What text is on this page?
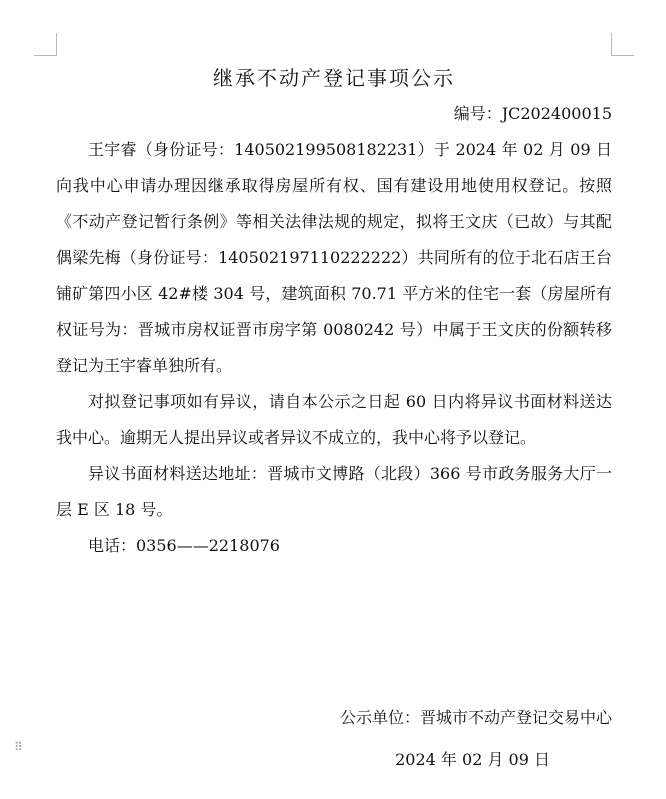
继承不动产登记事项公示
编号：JC202400015

王宇睿（身份证号：140502199508182231）于 2024 年 02 月 09 日向我中心申请办理因继承取得房屋所有权、国有建设用地使用权登记。按照《不动产登记暂行条例》等相关法律法规的规定，拟将王文庆（已故）与其配偶梁先梅（身份证号：140502197110222222）共同所有的位于北石店王台铺矿第四小区 42#楼 304 号，建筑面积 70.71 平方米的住宅一套（房屋所有权证号为：晋城市房权证晋市房字第 0080242 号）中属于王文庆的份额转移登记为王宇睿单独所有。

对拟登记事项如有异议，请自本公示之日起 60 日内将异议书面材料送达我中心。逾期无人提出异议或者异议不成立的，我中心将予以登记。

异议书面材料送达地址：晋城市文博路（北段）366 号市政务服务大厅一层 E 区 18 号。

电话：0356——2218076

公示单位：晋城市不动产登记交易中心
2024 年 02 月 09 日
⠿
